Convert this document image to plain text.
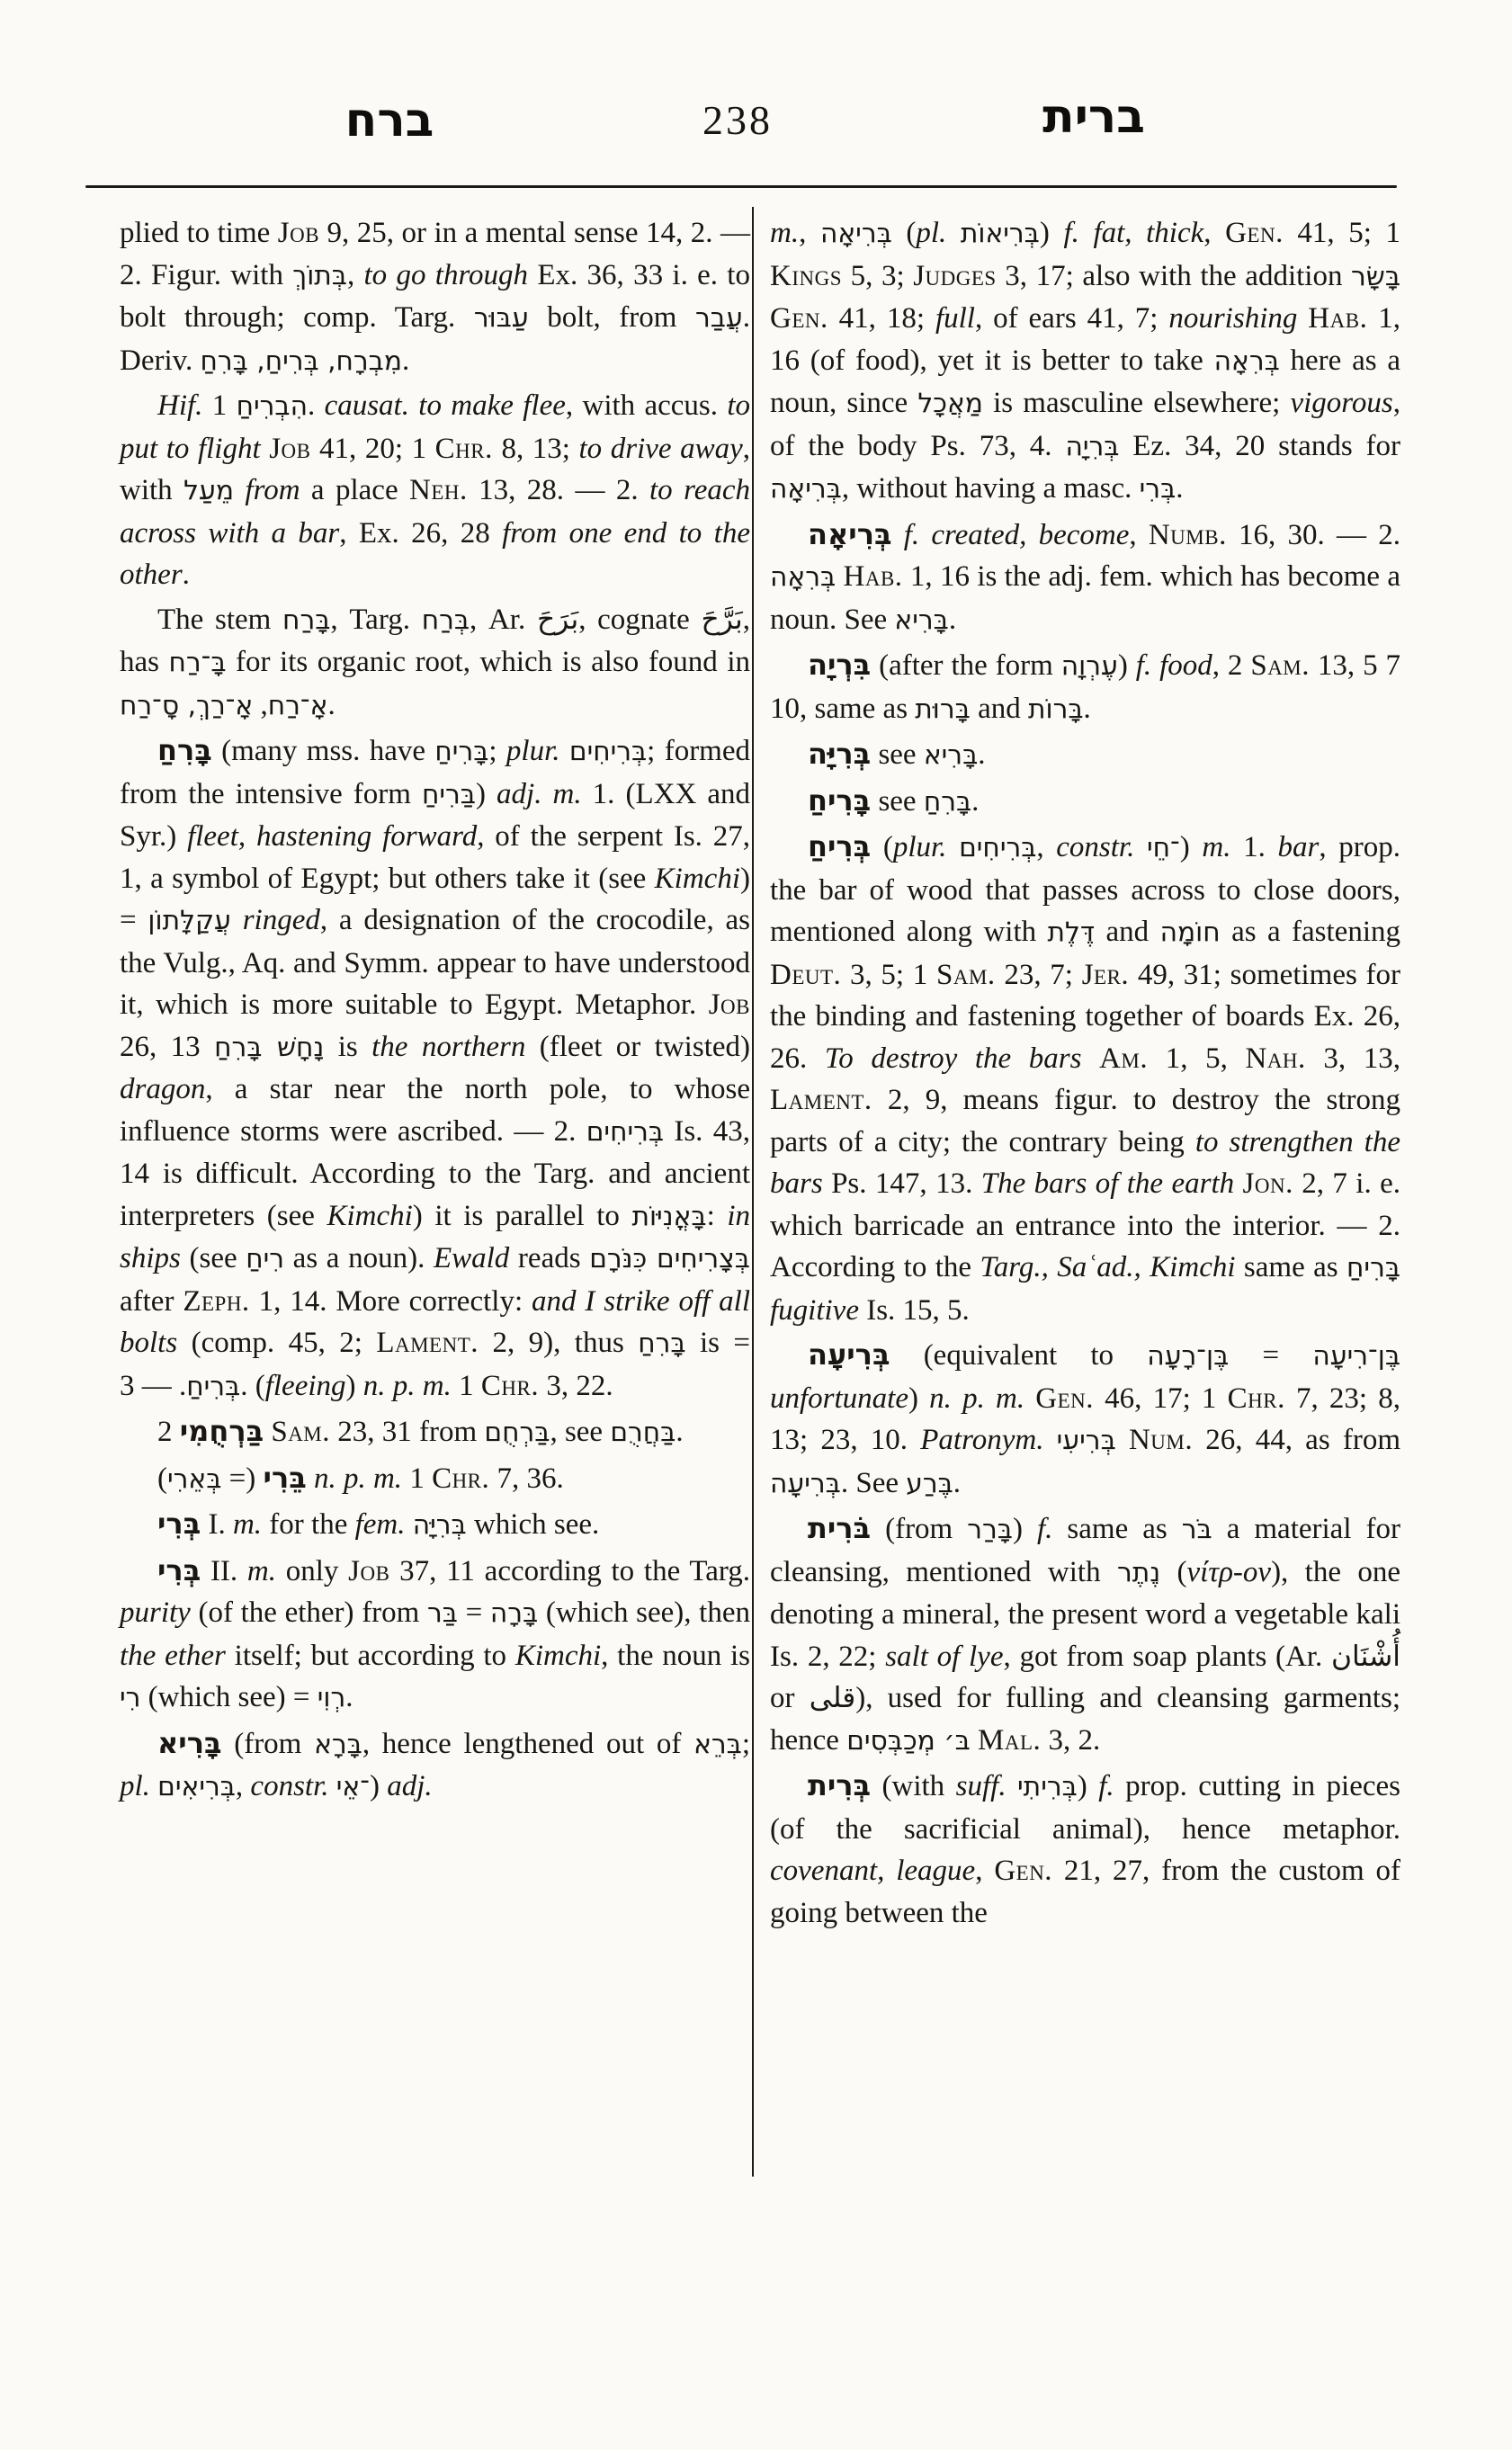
ברח	238	ברית

plied to time Job 9, 25, or in a mental sense 14, 2. — 2. Figur. with בְּתוֹךְ, to go through Ex. 36, 33 i. e. to bolt through; comp. Targ. עַבּוּר bolt, from עֲבַר. Deriv. מִבְרָח, בְּרִיחַ, בָּרִחַ.

Hif. הִבְרִיחַ 1. causat. to make flee, with accus. to put to flight Job 41, 20; 1 Chr. 8, 13; to drive away, with מֵעַל from a place Neh. 13, 28. — 2. to reach across with a bar, Ex. 26, 28 from one end to the other.

The stem בָּרַח, Targ. בְּרַח, Ar. بَرَحَ, cognate بَرَّحَ, has בָּ־רַח for its organic root, which is also found in אָ־רַח, אָ־רַךְ, סָ־רַח	.

בָּרִחַ (many mss. have בָּרִיחַ; plur. בְּרִיחִים; formed from the intensive form בַּרִיחַ) adj. m. 1. (LXX and Syr.) fleet, hastening forward, of the serpent Is. 27, 1, a symbol of Egypt; but others take it (see Kimchi) = עֲקַלָּתוֹן ringed, a designation of the crocodile, as the Vulg., Aq. and Symm. appear to have understood it, which is more suitable to Egypt. Metaphor. Job 26, 13 נָחָשׁ בָּרִחַ is the northern (fleet or twisted) dragon, a star near the north pole, to whose influence storms were ascribed. — 2. בְּרִיחִים Is. 43, 14 is difficult. According to the Targ. and ancient interpreters (see Kimchi) it is parallel to בָּאֳנִיּוֹת: in ships (see רִיחַ as a noun). Ewald reads בְּצָרִיחִים כִּנֹּרָם after Zeph. 1, 14. More correctly: and I strike off all bolts (comp. 45, 2; Lament. 2, 9), thus בָּרִחַ is = בְּרִיחַ. — 3. (fleeing) n. p. m. 1 Chr. 3, 22.

בַּרְחֻמִי 2 Sam. 23, 31 from בַּרְחֻם, see בַּחֲרֻם.

בֵּרִי (= בְּאֵרִי) n. p. m. 1 Chr. 7, 36.

בְּרִי I. m. for the fem. בְּרִיָּה which see.

בְּרִי II. m. only Job 37, 11 according to the Targ. purity (of the ether) from בָּרָה = בַּר	(which see), then the ether itself; but according to Kimchi, the noun is רִי (which see) = רְוִי.

בָּרִיא (from בָּרָא, hence lengthened out of בְּרֵא; pl. בְּרִיאִים, constr. ־אֵי) adj.

m., בְּרִיאָה (pl. בְּרִיאוֹת) f. fat, thick, Gen. 41, 5; 1 Kings 5, 3; Judges 3, 17; also with the addition בָּשָׂר Gen. 41, 18; full, of ears 41, 7; nourishing Hab. 1, 16 (of food), yet it is better to take בְּרִאָה here as a noun, since מַאֲכָל is masculine elsewhere; vigorous, of the body Ps. 73, 4. בְּרִיָה Ez. 34, 20 stands for בְּרִיאָה, without having a masc. בְּרִי.

בְּרִיאָה f. created, become, Numb. 16, 30. — 2. בְּרִאָה Hab. 1, 16 is the adj. fem. which has become a noun. See בָּרִיא.

בִּרְיָה (after the form עֶרְוָה) f. food, 2 Sam. 13, 5 7 10, same as בָּרוּת and בָּרוֹת.

בְּרִיָּה see בָּרִיא.

בָּרִיחַ see בָּרִחַ.

בְּרִיחַ (plur. בְּרִיחִים, constr. ־חֵי) m. 1. bar, prop. the bar of wood that passes across to close doors, mentioned along with דֶּלֶת and חוֹמָה as a fastening Deut. 3, 5; 1 Sam. 23, 7; Jer. 49, 31; sometimes for the binding and fastening together of boards Ex. 26, 26. To destroy the bars Am. 1, 5, Nah. 3, 13, Lament. 2, 9, means figur. to destroy the strong parts of a city; the contrary being to strengthen the bars Ps. 147, 13. The bars of the earth Jon. 2, 7 i. e. which barricade an entrance into the interior. — 2. According to the Targ., Saʿad., Kimchi same as בָּרִיחַ fugitive Is. 15, 5.

בְּרִיעָה (equivalent to	בֶּן־רִיעָה = בֶּן־רָעָה unfortunate) n. p. m. Gen. 46, 17; 1 Chr. 7, 23; 8, 13; 23, 10. Patronym. בְּרִיעִי Num. 26, 44, as from בְּרִיעָה. See בֶּרַע.

בֹּרִית (from בָּרַר) f. same as בֹּר a material for cleansing, mentioned with נֶתֶר (νίτρ-ον), the one denoting a mineral, the present word a vegetable kali Is. 2, 22; salt of lye, got from soap plants (Ar. أُشْنَان or قلى), used for fulling and cleansing garments; hence בּ׳ מְכַבְּסִים Mal. 3, 2.

בְּרִית (with suff. בְּרִיתִי) f. prop. cutting in pieces (of the sacrificial animal), hence metaphor. covenant, league, Gen. 21, 27, from the custom of going between the
